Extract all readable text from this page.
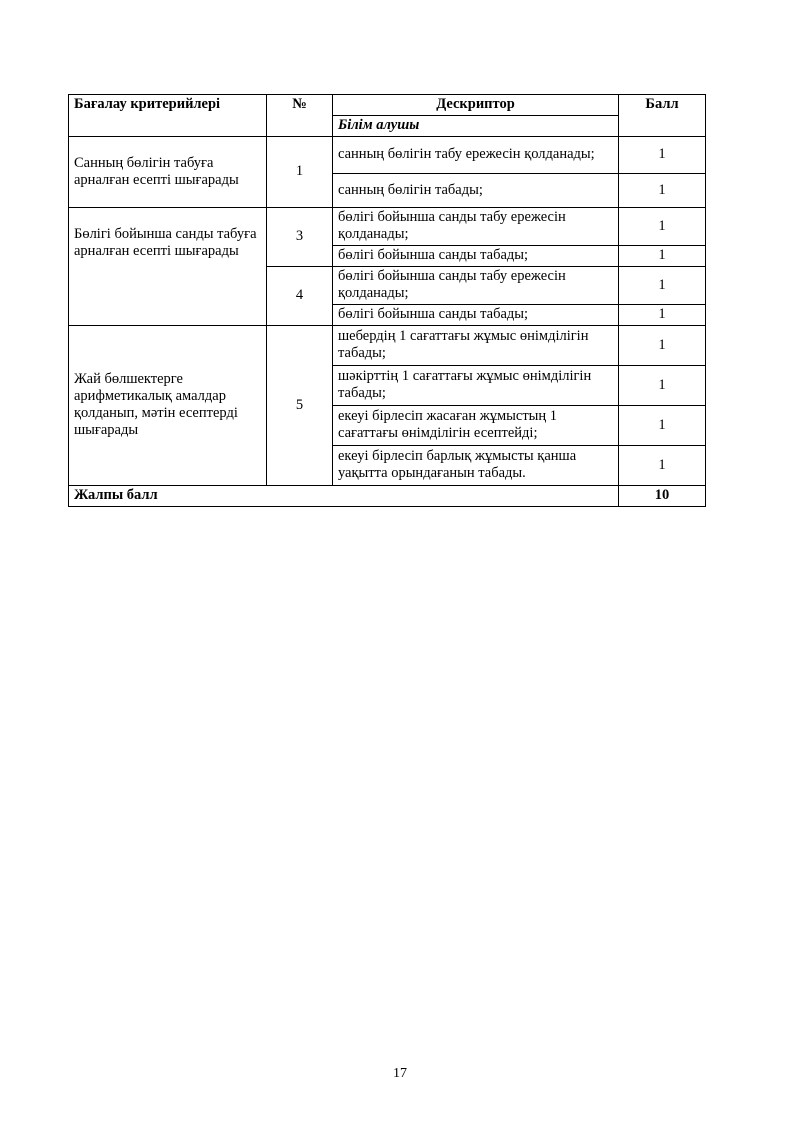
Бағалау критерийлері	№	Дескриптор	Балл
		Білім алушы	
Санның бөлігін табуға арналған есепті шығарады	1	санның бөлігін табу ережесін қолданады;	1
		санның бөлігін табады;	1
Бөлігі бойынша санды табуға арналған есепті шығарады	3	бөлігі бойынша санды табу ережесін қолданады;	1
		бөлігі бойынша санды табады;	1
	4	бөлігі бойынша санды табу ережесін қолданады;	1
		бөлігі бойынша санды табады;	1
Жай бөлшектерге арифметикалық амалдар қолданып, мәтін есептерді шығарады	5	шебердің 1 сағаттағы жұмыс өнімділігін табады;	1
		шәкірттің 1 сағаттағы жұмыс өнімділігін табады;	1
		екеуі бірлесіп жасаған жұмыстың 1 сағаттағы өнімділігін есептейді;	1
		екеуі бірлесіп барлық жұмысты қанша уақытта орындағанын табады.	1
Жалпы балл			10
17
